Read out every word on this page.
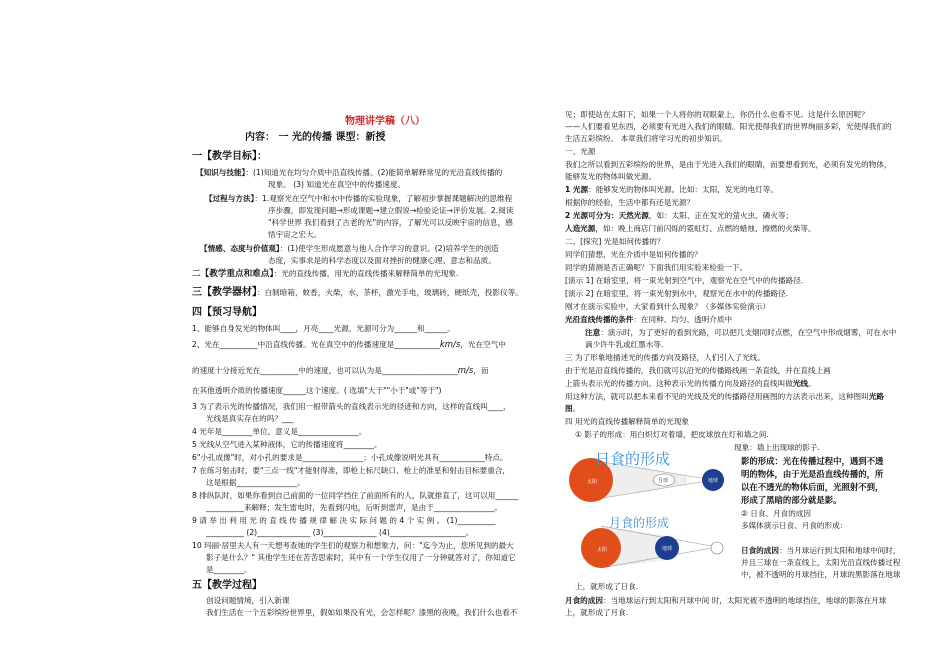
物理讲学稿（八）
内容： 一 光的传播 课型：新授
一【教学目标】：
【知识与技能】：(1)知道光在均匀介质中沿直线传播。(2)能简单解释常见的光沿直线传播的
现象。 (3) 知道光在真空中的传播速度。
【过程与方法】：1.观察光在空气中和水中传播的实验现象，了解初步掌握课题解决的思维程
序步骤，即发现问题→形成课题→建立假说→检验论证→评价发展。2.阅读
"科学世界 我们看到了古老的光"的内容，了解光可以反映宇宙的信息，感
悟宇宙之宏大。
【情感、态度与价值观】：(1)使学生形成愿意与他人合作学习的意识。(2)培养学生的创造
态度，实事求是的科学态度以及面对挫折的健康心理、意志和品质。
二【教学重点和难点】：光的直线传播，用光的直线传播来解释简单的光现象.
三【教学器材】：白制暗箱，蚊香，火柴，水，茶杯，激光手电，玻璃砖，硬纸壳，投影仪等。
四【预习导航】
1、能够自身发光的物体叫____，月亮____光源，光源可分为______和______。
2、光在__________中沿直线传播。光在真空中的传播速度是____________km/s，光在空气中
的速度十分接近光在__________中的速度，也可以认为是____________________m/s，而
在其他透明介质的传播速度______这个速度。( 选填"大于""小于"或"等于")
3 为了表示光的传播情况，我们用一根带箭头的直线表示光的径迹和方向，这样的直线叫____，
光线是真实存在的吗？___
4 光年是________单位，意义是________________。
5 光线从空气进入某种液体，它的传播速度将________。
6"小孔成像"时，对小孔的要求是________________；小孔成像说明光具有____________特点。
7 在练习射击时，要"三点一线"才能射得准，即枪上标尺缺口、枪上的准星和射击目标要重合，
这是根据________________。
8 排纵队时，如果你看到自己前面的一位同学挡住了前面所有的人，队就排直了，这可以用______
__________来解释；发生雷电时，先看到闪电，后听到雷声，是由于________________。
9 请 举 出 利 用 光 的 直 线 传 播 规 律 解 决 实 际 问 题 的 4 个 实 例 。 (1)__________
__________ (2)______________ (3)______________ (4)____________________。
10 玛丽·居里夫人有一天想考查她的学生们的观察力和想象力，问："迄今为止，您所见到的最大
影子是什么？" 其他学生还在苦苦思索时，其中有一个学生仅用了一分钟就答对了，你知道它
是________。
五【教学过程】
创设问题情境，引入新课
我们生活在一个五彩缤纷世界里，假如如果没有光，会怎样呢？漆黑的夜晚，我们什么也看不
见；即使站在太阳下，如果一个人将你的双眼蒙上，你仍什么也看不见。这是什么原因呢？
——人们要看见东西，必须要有光进入我们的眼睛。阳光使得我们的世界绚丽多彩，光使得我们的
生活五彩缤纷。 本章我们将学习光的初步知识。
一、光源
我们之所以看到五彩缤纷的世界，是由于光进入我们的眼睛，而要想看到光，必须有发光的物体，
能够发光的物体叫做光源。
1 光源：能够发光的物体叫光源。比如：太阳，发光的电灯等。
根据你的经验，生活中都有还是光源？
2 光源可分为：天然光源，如：太阳、正在发光的萤火虫、磷火等；
人造光源，如：晚上商店门前闪烁的霓虹灯、点燃的蜡烛、擦燃的火柴等。
二、[探究] 光是如何传播的？
同学们猜想，光在介质中是如何传播的？
同学的猜测是否正确呢？下面我们用实验来检验一下。
[演示 1] 在暗室里，将一束光射到空气中，观察光在空气中的传播路径.
[演示 2] 在暗室里，将一束光射到水中，观察光在水中的传播路径.
刚才在演示实验中，大家看到什么现象？（多媒体实验演示）
光沿直线传播的条件：在同种、均匀、透明介质中
注意：演示时，为了更好的看到光路，可以把几支烟同时点燃，在空气中形成烟雾，可在水中
滴少许牛乳或红墨水等.
三 为了形象地描述光的传播方向及路径，人们引入了光线。
由于光是沿直线传播的，我们就可以沿光的传播路线画一条直线，并在直线上画
上箭头表示光的传播方向。这种表示光的传播方向及路径的直线叫做光线。
用这种方法，就可以把本来看不见的光线及光的传播路径用画图的方法表示出来，这种图叫光路
图。
四 用光的直线传播解释简单的光现象
① 影子的形成：用白炽灯对着墙，把皮球放在灯和墙之间.
现象：墙上出现球的影子.
影的形成：光在传播过程中，遇到不透
明的物体，由于光是沿直线传播的，所
以在不透光的物体后面，光照射不到，
形成了黑暗的部分就是影。
② 日食、月食的成因
多媒体演示日食、月食的形成：
太阳	月球	地球
日食的形成
太阳	地球
月食的形成
日食的成因：当月球运行到太阳和地球中间时，
并且三球在一条直线上，太阳光沿直线传播过程
中，被不透明的月球挡住，月球的黑影落在地球
上，就形成了日食.
月食的成因：当地球运行到太阳和月球中间 时，太阳光被不透明的地球挡住，地球的影落在月球
上，就形成了月食.
